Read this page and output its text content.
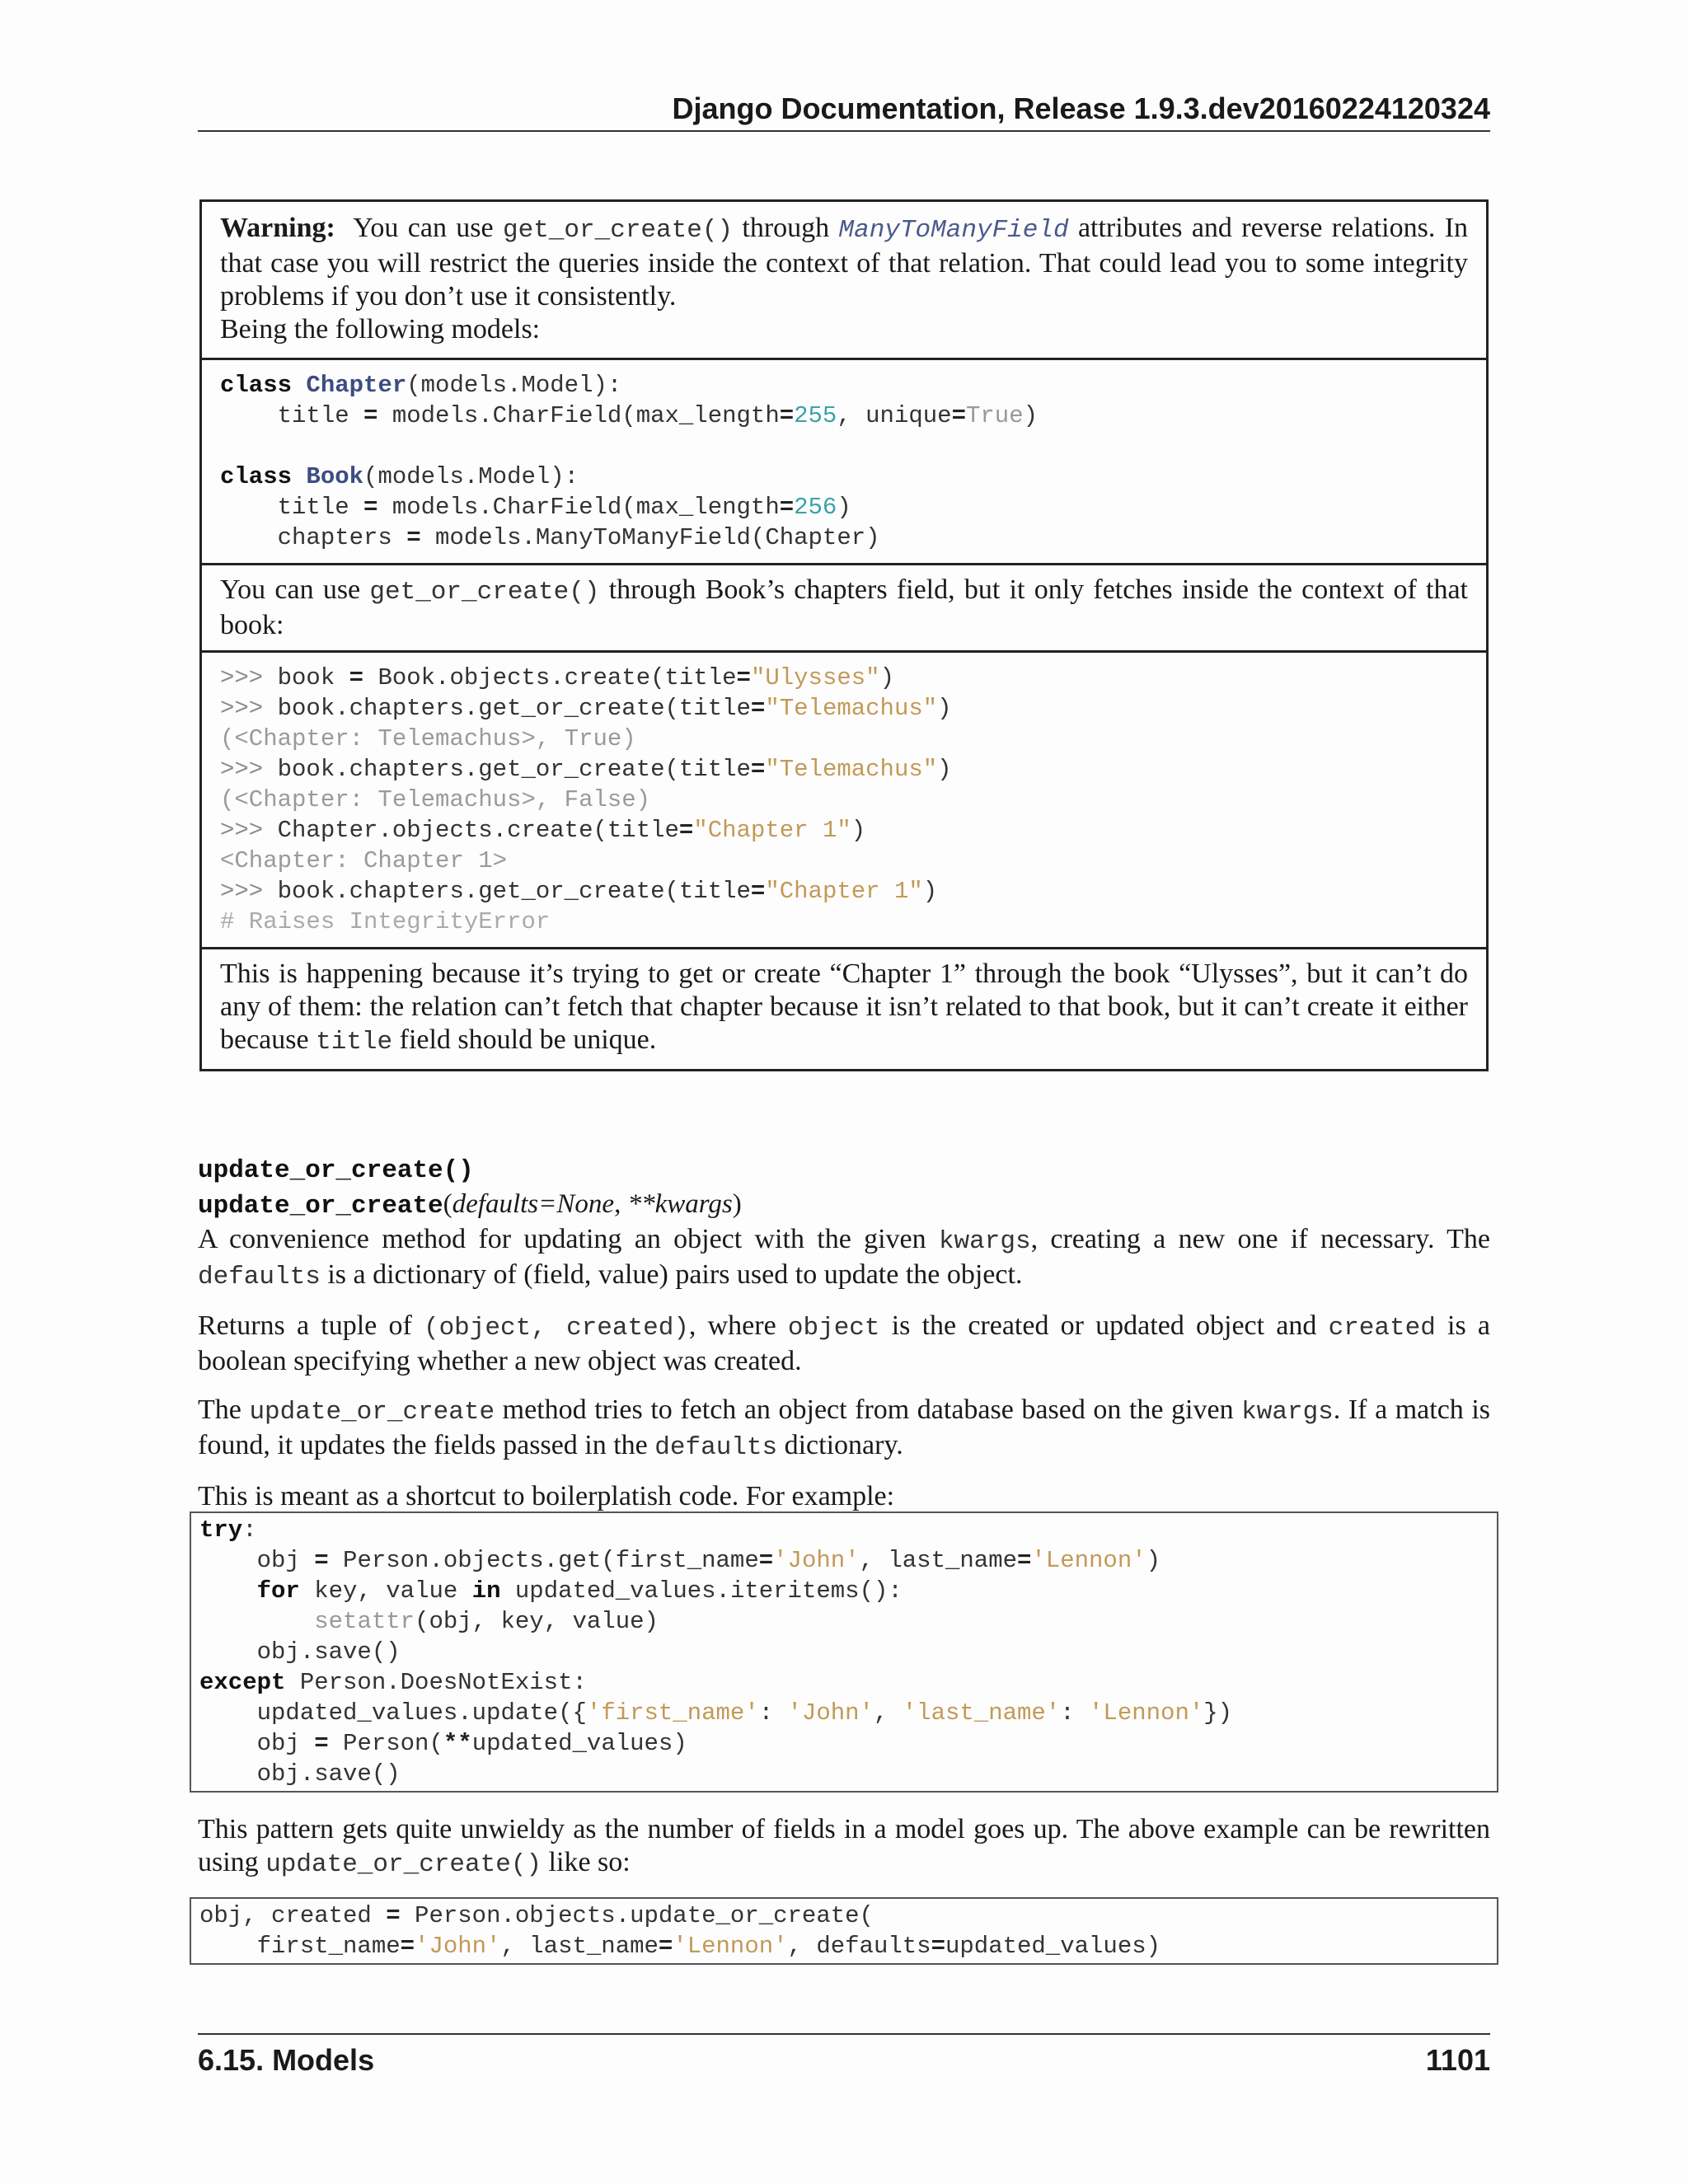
Django Documentation, Release 1.9.3.dev20160224120324

Warning: You can use get_or_create() through ManyToManyField attributes and reverse relations. In that case you will restrict the queries inside the context of that relation. That could lead you to some integrity problems if you don’t use it consistently.

Being the following models:

class Chapter(models.Model):
title = models.CharField(max_length=255, unique=True)

class Book(models.Model):
title = models.CharField(max_length=256)
chapters = models.ManyToManyField(Chapter)

You can use get_or_create() through Book’s chapters field, but it only fetches inside the context of that book:

>>> book = Book.objects.create(title="Ulysses")
>>> book.chapters.get_or_create(title="Telemachus")
(<Chapter: Telemachus>, True)
>>> book.chapters.get_or_create(title="Telemachus")
(<Chapter: Telemachus>, False)
>>> Chapter.objects.create(title="Chapter 1")
<Chapter: Chapter 1>
>>> book.chapters.get_or_create(title="Chapter 1")
# Raises IntegrityError

This is happening because it’s trying to get or create “Chapter 1” through the book “Ulysses”, but it can’t do any of them: the relation can’t fetch that chapter because it isn’t related to that book, but it can’t create it either because title field should be unique.

update_or_create()
update_or_create(defaults=None, **kwargs)

A convenience method for updating an object with the given kwargs, creating a new one if necessary. The defaults is a dictionary of (field, value) pairs used to update the object.

Returns a tuple of (object, created), where object is the created or updated object and created is a boolean specifying whether a new object was created.

The update_or_create method tries to fetch an object from database based on the given kwargs. If a match is found, it updates the fields passed in the defaults dictionary.

This is meant as a shortcut to boilerplatish code. For example:

try:
obj = Person.objects.get(first_name='John', last_name='Lennon')
for key, value in updated_values.iteritems():
setattr(obj, key, value)
obj.save()
except Person.DoesNotExist:
updated_values.update({'first_name': 'John', 'last_name': 'Lennon'})
obj = Person(**updated_values)
obj.save()

This pattern gets quite unwieldy as the number of fields in a model goes up. The above example can be rewritten using update_or_create() like so:

obj, created = Person.objects.update_or_create(
first_name='John', last_name='Lennon', defaults=updated_values)
6.15. Models	1101
